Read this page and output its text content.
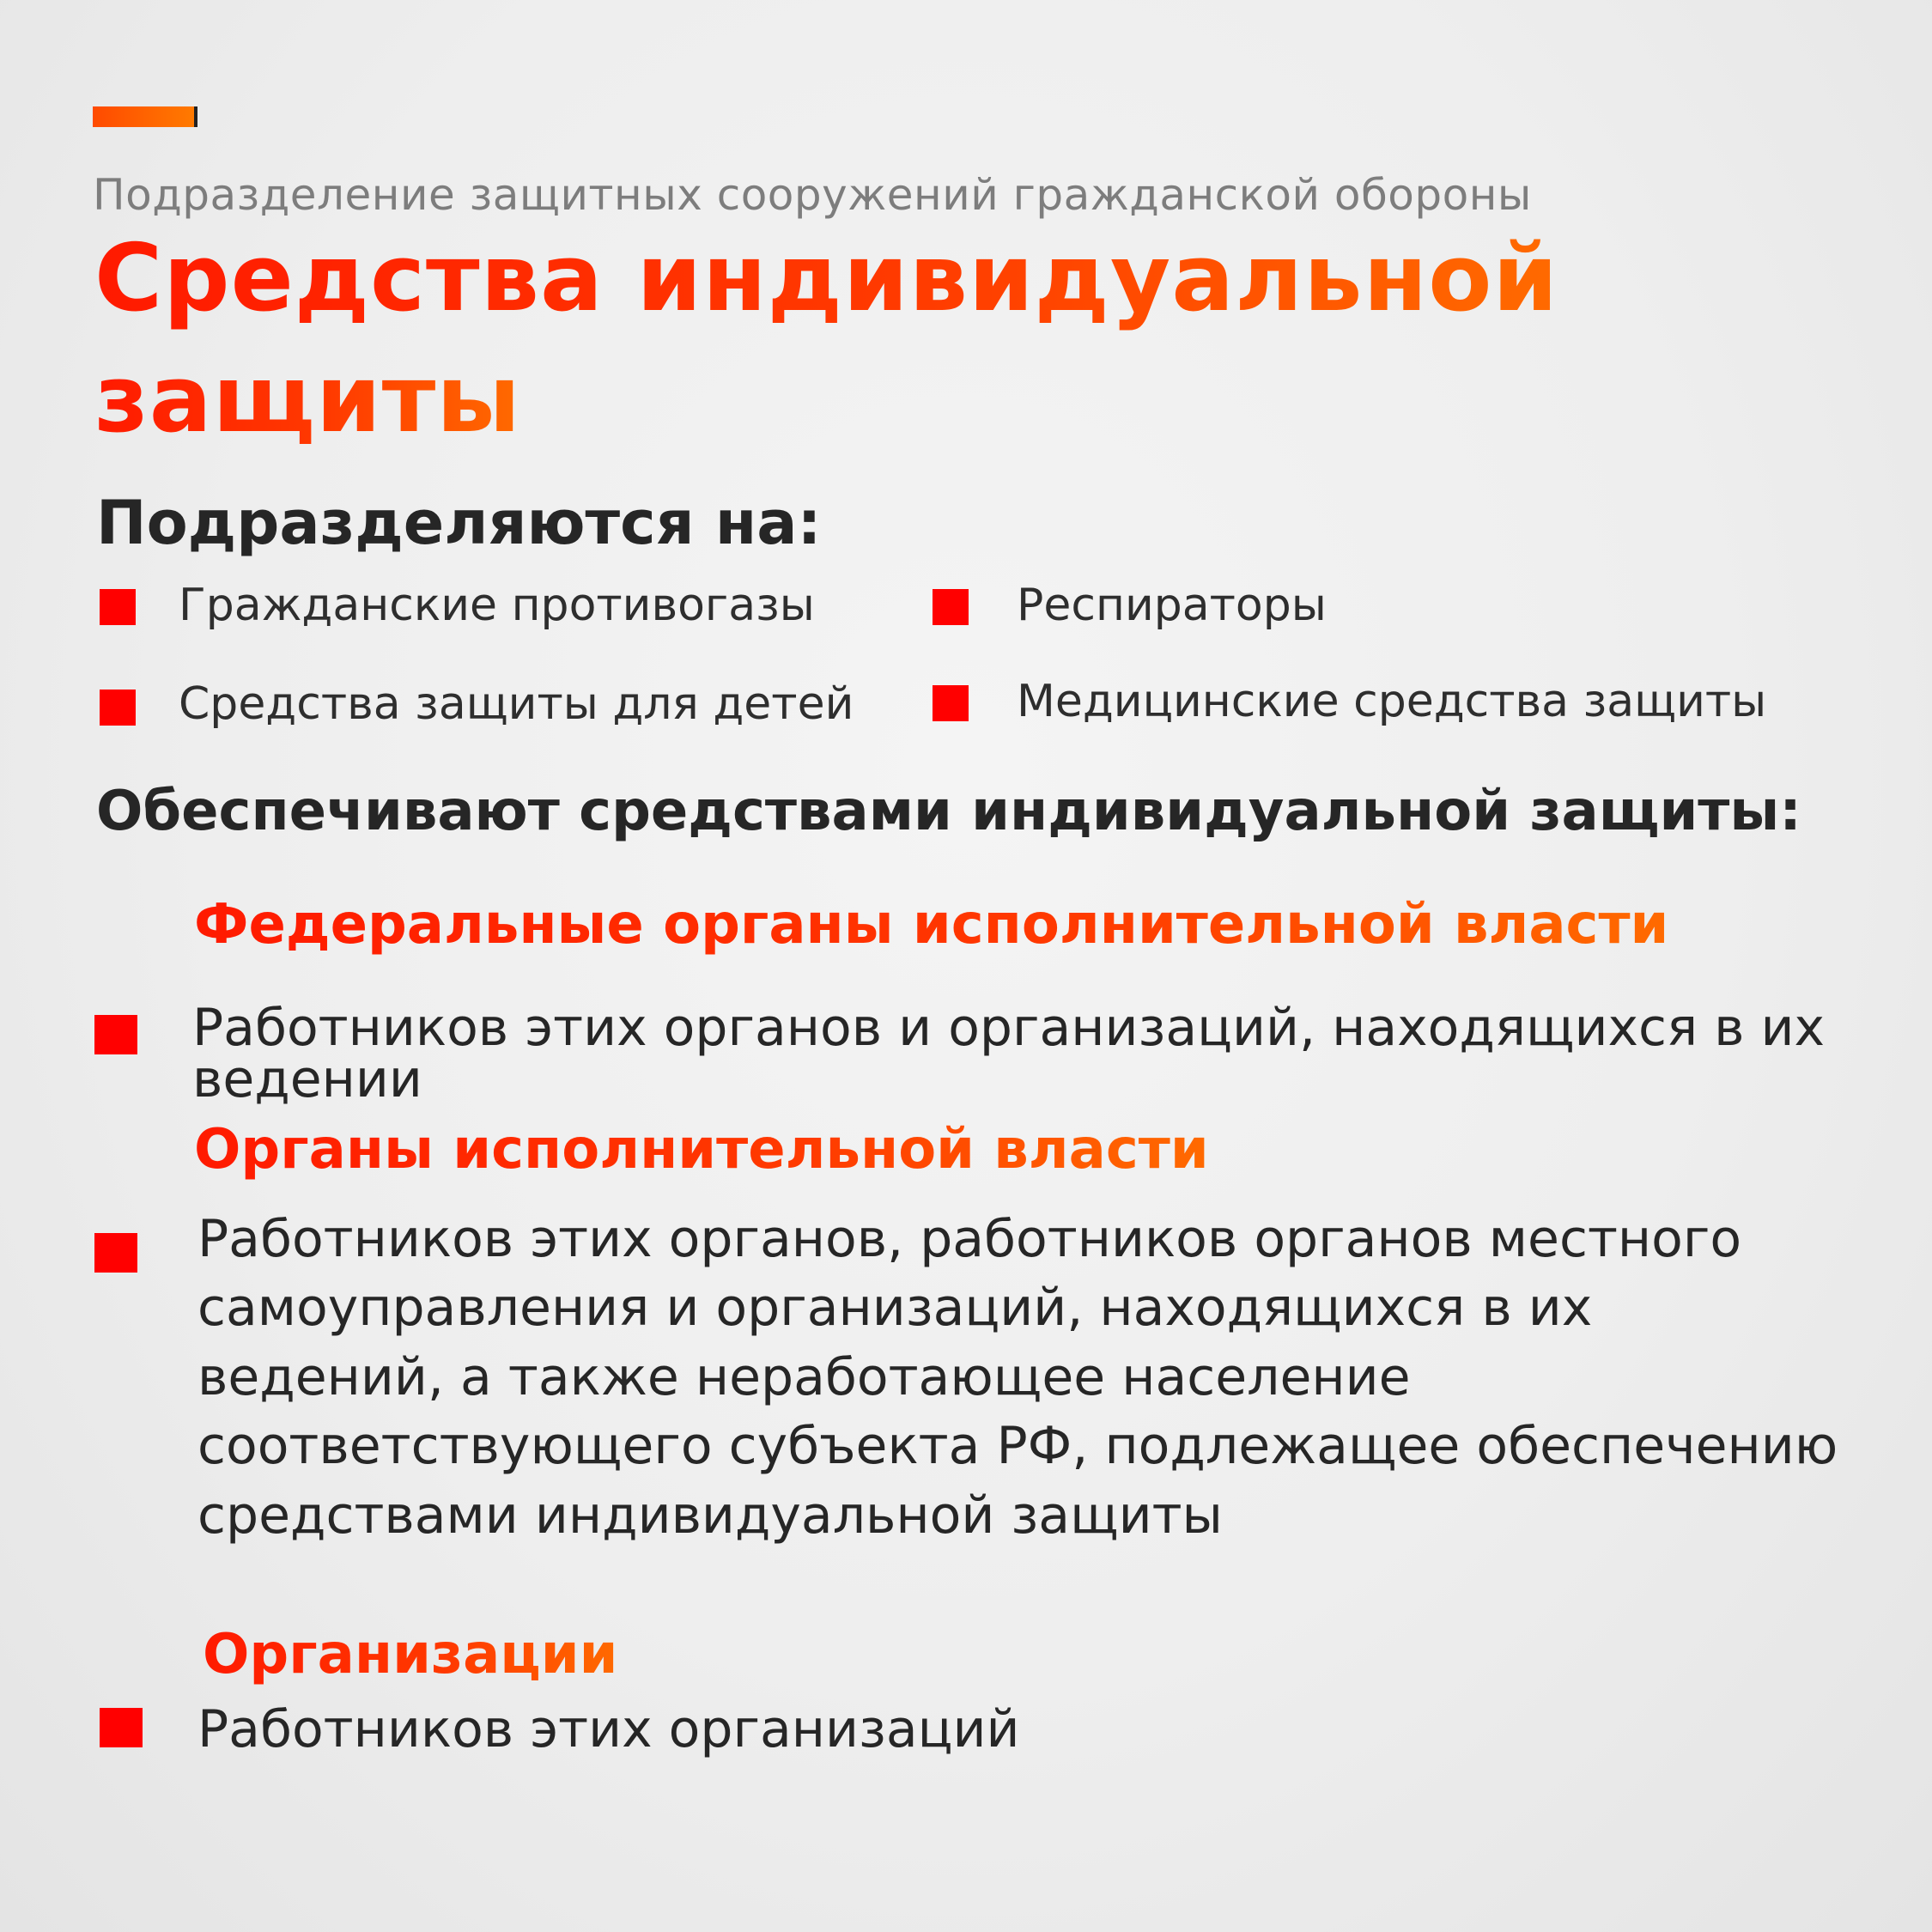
Подразделение защитных сооружений гражданской обороны
Средства индивидуальной
защиты
Подразделяются на:
Гражданские противогазы	Респираторы
Средства защиты для детей	Медицинские средства защиты
Обеспечивают средствами индивидуальной защиты:
Федеральные органы исполнительной власти
Работников этих органов и организаций, находящихся в их ведении
Органы исполнительной власти
Работников этих органов, работников органов местного самоуправления и организаций, находящихся в их ведений, а также неработающее население соответствующего субъекта РФ, подлежащее обеспечению средствами индивидуальной защиты
Организации
Работников этих организаций
